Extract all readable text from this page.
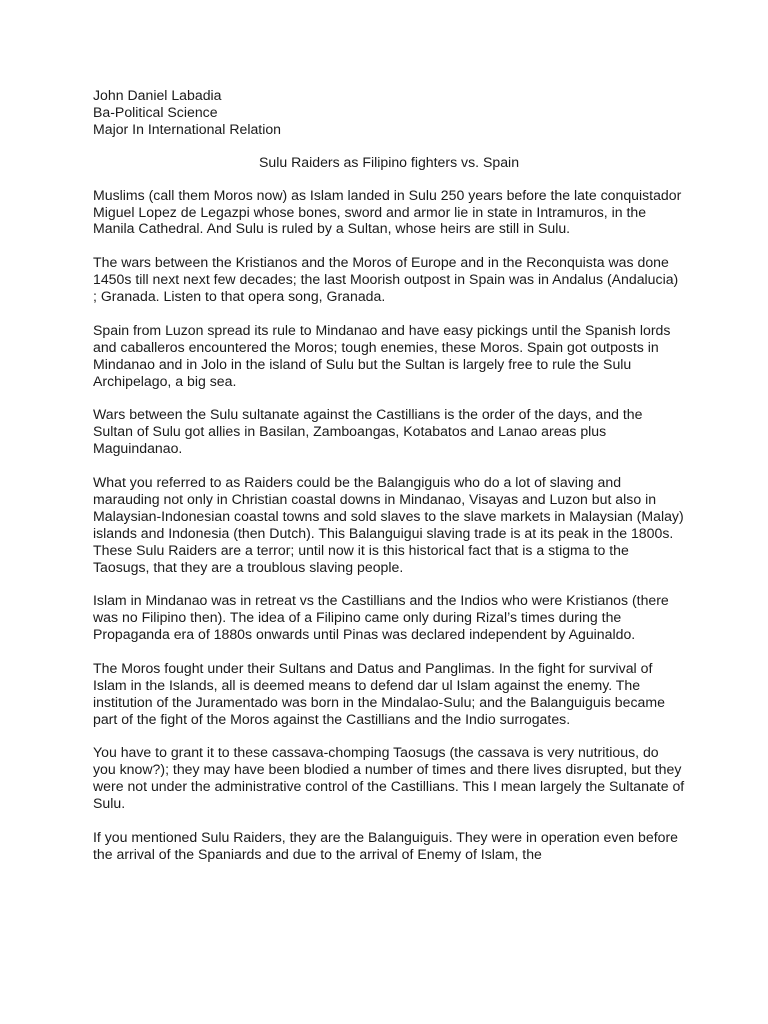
John Daniel Labadia
Ba-Political Science
Major In International Relation
Sulu Raiders as Filipino fighters vs. Spain

Muslims (call them Moros now) as Islam landed in Sulu 250 years before the late conquistador Miguel Lopez de Legazpi whose bones, sword and armor lie in state in Intramuros, in the Manila Cathedral. And Sulu is ruled by a Sultan, whose heirs are still in Sulu.

The wars between the Kristianos and the Moros of Europe and in the Reconquista was done 1450s till next next few decades; the last Moorish outpost in Spain was in Andalus (Andalucia) ; Granada. Listen to that opera song, Granada.

Spain from Luzon spread its rule to Mindanao and have easy pickings until the Spanish lords and caballeros encountered the Moros; tough enemies, these Moros. Spain got outposts in Mindanao and in Jolo in the island of Sulu but the Sultan is largely free to rule the Sulu Archipelago, a big sea.

Wars between the Sulu sultanate against the Castillians is the order of the days, and the Sultan of Sulu got allies in Basilan, Zamboangas, Kotabatos and Lanao areas plus Maguindanao.

What you referred to as Raiders could be the Balangiguis who do a lot of slaving and marauding not only in Christian coastal downs in Mindanao, Visayas and Luzon but also in Malaysian-Indonesian coastal towns and sold slaves to the slave markets in Malaysian (Malay) islands and Indonesia (then Dutch). This Balanguigui slaving trade is at its peak in the 1800s. These Sulu Raiders are a terror; until now it is this historical fact that is a stigma to the Taosugs, that they are a troublous slaving people.

Islam in Mindanao was in retreat vs the Castillians and the Indios who were Kristianos (there was no Filipino then). The idea of a Filipino came only during Rizal’s times during the Propaganda era of 1880s onwards until Pinas was declared independent by Aguinaldo.

The Moros fought under their Sultans and Datus and Panglimas. In the fight for survival of Islam in the Islands, all is deemed means to defend dar ul Islam against the enemy. The institution of the Juramentado was born in the Mindalao-Sulu; and the Balanguiguis became part of the fight of the Moros against the Castillians and the Indio surrogates.

You have to grant it to these cassava-chomping Taosugs (the cassava is very nutritious, do you know?); they may have been blodied a number of times and there lives disrupted, but they were not under the administrative control of the Castillians. This I mean largely the Sultanate of Sulu.

If you mentioned Sulu Raiders, they are the Balanguiguis. They were in operation even before the arrival of the Spaniards and due to the arrival of Enemy of Islam, the
